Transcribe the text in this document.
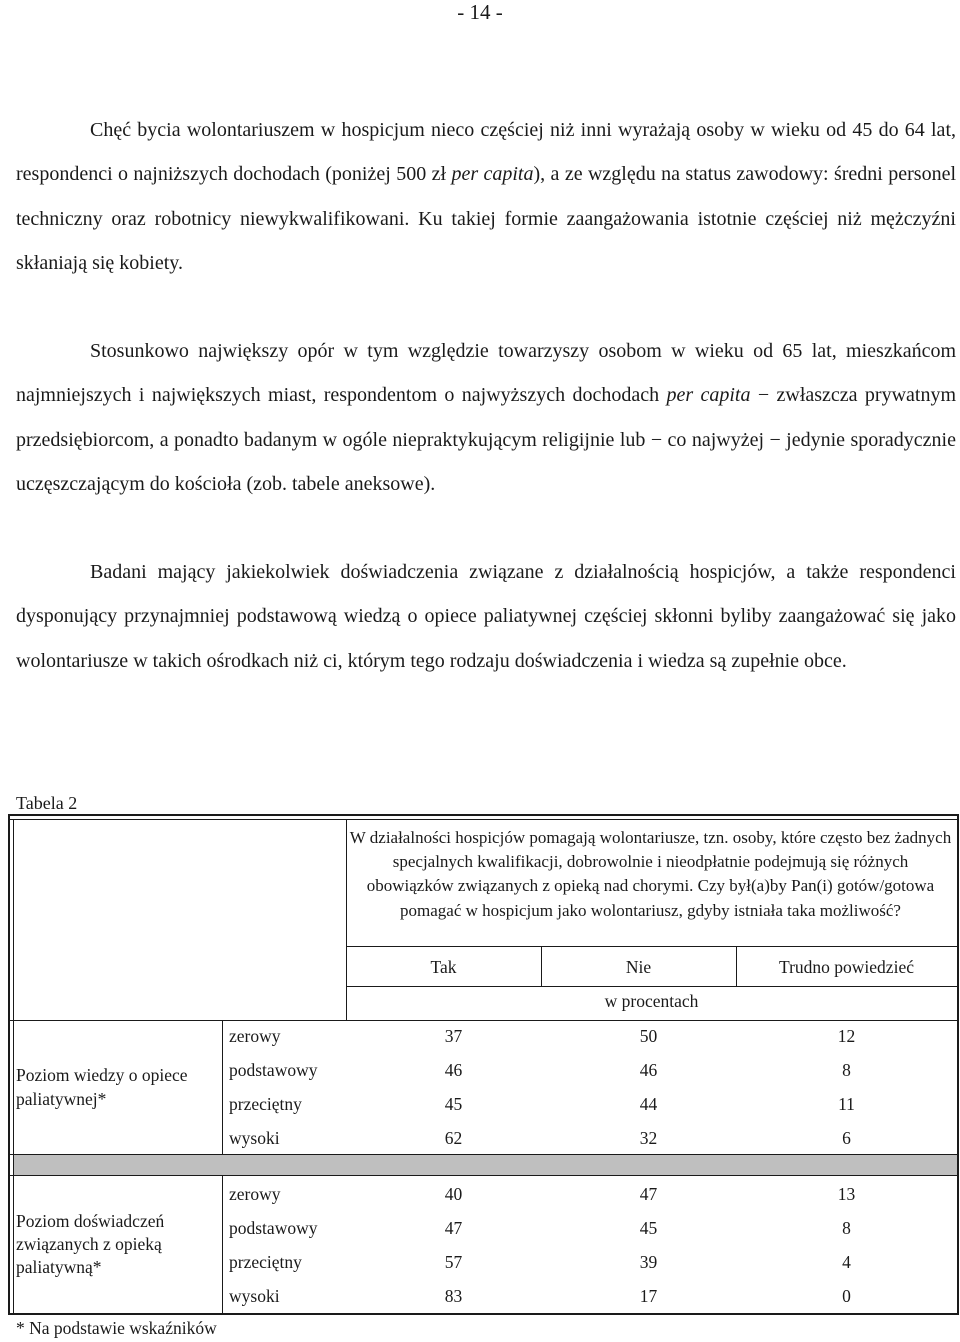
- 14 -

Chęć bycia wolontariuszem w hospicjum nieco częściej niż inni wyrażają osoby w wieku od 45 do 64 lat, respondenci o najniższych dochodach (poniżej 500 zł per capita), a ze względu na status zawodowy: średni personel techniczny oraz robotnicy niewykwalifikowani. Ku takiej formie zaangażowania istotnie częściej niż mężczyźni skłaniają się kobiety.

Stosunkowo największy opór w tym względzie towarzyszy osobom w wieku od 65 lat, mieszkańcom najmniejszych i największych miast, respondentom o najwyższych dochodach per capita − zwłaszcza prywatnym przedsiębiorcom, a ponadto badanym w ogóle niepraktykującym religijnie lub − co najwyżej − jedynie sporadycznie uczęszczającym do kościoła (zob. tabele aneksowe).

Badani mający jakiekolwiek doświadczenia związane z działalnością hospicjów, a także respondenci dysponujący przynajmniej podstawową wiedzą o opiece paliatywnej częściej skłonni byliby zaangażować się jako wolontariusze w takich ośrodkach niż ci, którym tego rodzaju doświadczenia i wiedza są zupełnie obce.

Tabela 2
W działalności hospicjów pomagają wolontariusze, tzn. osoby, które często bez żadnych specjalnych kwalifikacji, dobrowolnie i nieodpłatnie podejmują się różnych obowiązków związanych z opieką nad chorymi. Czy był(a)by Pan(i) gotów/gotowa pomagać w hospicjum jako wolontariusz, gdyby istniała taka możliwość?
Tak	Nie	Trudno powiedzieć
w procentach
Poziom wiedzy o opiece paliatywnej*
zerowy	37	50	12
podstawowy	46	46	8
przeciętny	45	44	11
wysoki	62	32	6
Poziom doświadczeń związanych z opieką paliatywną*
zerowy	40	47	13
podstawowy	47	45	8
przeciętny	57	39	4
wysoki	83	17	0
* Na podstawie wskaźników
